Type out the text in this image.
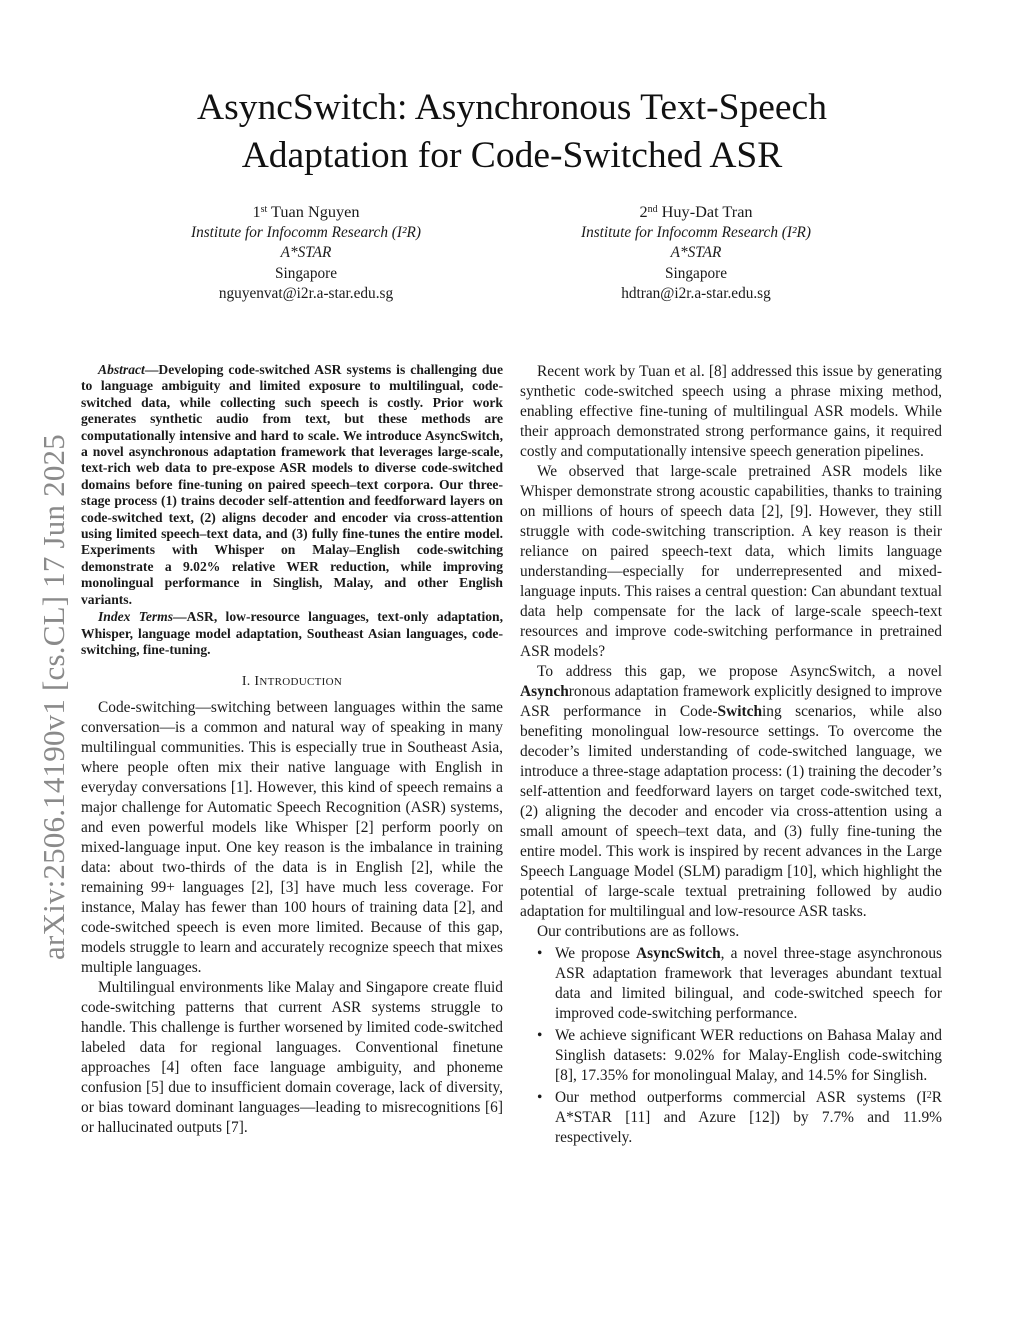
arXiv:2506.14190v1 [cs.CL] 17 Jun 2025
AsyncSwitch: Asynchronous Text-Speech
Adaptation for Code-Switched ASR
1st Tuan Nguyen
Institute for Infocomm Research (I²R)
A*STAR
Singapore
nguyenvat@i2r.a-star.edu.sg
2nd Huy-Dat Tran
Institute for Infocomm Research (I²R)
A*STAR
Singapore
hdtran@i2r.a-star.edu.sg

Abstract—Developing code-switched ASR systems is challenging due to language ambiguity and limited exposure to multilingual, code-switched data, while collecting such speech is costly. Prior work generates synthetic audio from text, but these methods are computationally intensive and hard to scale. We introduce AsyncSwitch, a novel asynchronous adaptation framework that leverages large-scale, text-rich web data to pre-expose ASR models to diverse code-switched domains before fine-tuning on paired speech–text corpora. Our three-stage process (1) trains decoder self-attention and feedforward layers on code-switched text, (2) aligns decoder and encoder via cross-attention using limited speech–text data, and (3) fully fine-tunes the entire model. Experiments with Whisper on Malay–English code-switching demonstrate a 9.02% relative WER reduction, while improving monolingual performance in Singlish, Malay, and other English variants.

Index Terms—ASR, low-resource languages, text-only adaptation, Whisper, language model adaptation, Southeast Asian languages, code-switching, fine-tuning.

I. INTRODUCTION

Code-switching—switching between languages within the same conversation—is a common and natural way of speaking in many multilingual communities. This is especially true in Southeast Asia, where people often mix their native language with English in everyday conversations [1]. However, this kind of speech remains a major challenge for Automatic Speech Recognition (ASR) systems, and even powerful models like Whisper [2] perform poorly on mixed-language input. One key reason is the imbalance in training data: about two-thirds of the data is in English [2], while the remaining 99+ languages [2], [3] have much less coverage. For instance, Malay has fewer than 100 hours of training data [2], and code-switched speech is even more limited. Because of this gap, models struggle to learn and accurately recognize speech that mixes multiple languages.

Multilingual environments like Malay and Singapore create fluid code-switching patterns that current ASR systems struggle to handle. This challenge is further worsened by limited code-switched labeled data for regional languages. Conventional finetune approaches [4] often face language ambiguity, and phoneme confusion [5] due to insufficient domain coverage, lack of diversity, or bias toward dominant languages—leading to misrecognitions [6] or hallucinated outputs [7].

Recent work by Tuan et al. [8] addressed this issue by generating synthetic code-switched speech using a phrase mixing method, enabling effective fine-tuning of multilingual ASR models. While their approach demonstrated strong performance gains, it required costly and computationally intensive speech generation pipelines.

We observed that large-scale pretrained ASR models like Whisper demonstrate strong acoustic capabilities, thanks to training on millions of hours of speech data [2], [9]. However, they still struggle with code-switching transcription. A key reason is their reliance on paired speech-text data, which limits language understanding—especially for underrepresented and mixed-language inputs. This raises a central question: Can abundant textual data help compensate for the lack of large-scale speech-text resources and improve code-switching performance in pretrained ASR models?

To address this gap, we propose AsyncSwitch, a novel Asynchronous adaptation framework explicitly designed to improve ASR performance in Code-Switching scenarios, while also benefiting monolingual low-resource settings. To overcome the decoder’s limited understanding of code-switched language, we introduce a three-stage adaptation process: (1) training the decoder’s self-attention and feedforward layers on target code-switched text, (2) aligning the decoder and encoder via cross-attention using a small amount of speech–text data, and (3) fully fine-tuning the entire model. This work is inspired by recent advances in the Large Speech Language Model (SLM) paradigm [10], which highlight the potential of large-scale textual pretraining followed by audio adaptation for multilingual and low-resource ASR tasks.

Our contributions are as follows.

•
We propose AsyncSwitch, a novel three-stage asynchronous ASR adaptation framework that leverages abundant textual data and limited bilingual, and code-switched speech for improved code-switching performance.
•
We achieve significant WER reductions on Bahasa Malay and Singlish datasets: 9.02% for Malay-English code-switching [8], 17.35% for monolingual Malay, and 14.5% for Singlish.
•
Our method outperforms commercial ASR systems ($I^2R$ A*STAR [11] and Azure [12]) by 7.7% and 11.9% respectively.
